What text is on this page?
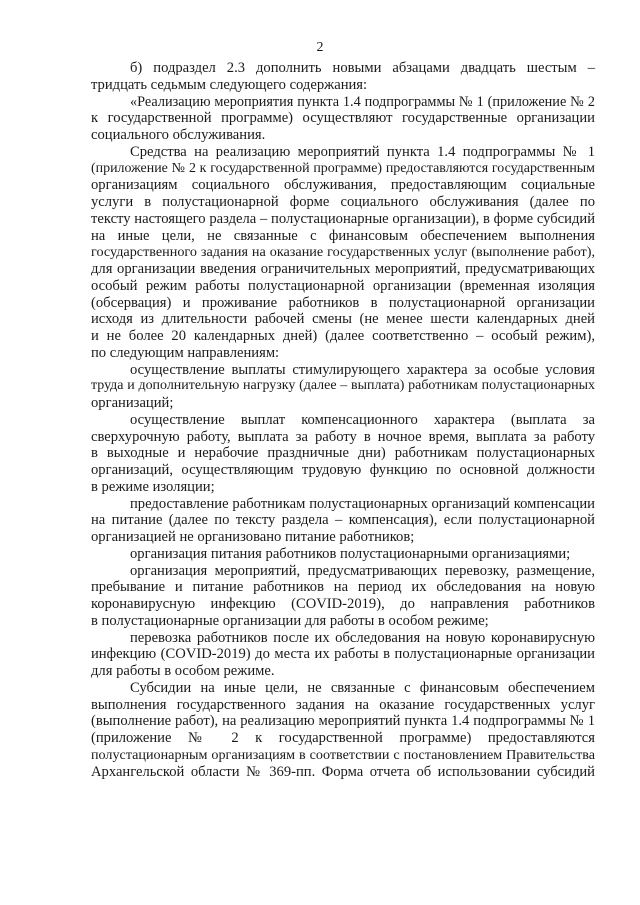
2
б) подраздел 2.3 дополнить новыми абзацами двадцать шестым –
тридцать седьмым следующего содержания:
«Реализацию мероприятия пункта 1.4 подпрограммы № 1 (приложение № 2
к государственной программе) осуществляют государственные организации
социального обслуживания.
Средства на реализацию мероприятий пункта 1.4 подпрограммы № 1
(приложение № 2 к государственной программе) предоставляются государственным
организациям социального обслуживания, предоставляющим социальные
услуги в полустационарной форме социального обслуживания (далее по
тексту настоящего раздела – полустационарные организации), в форме субсидий
на иные цели, не связанные с финансовым обеспечением выполнения
государственного задания на оказание государственных услуг (выполнение работ),
для организации введения ограничительных мероприятий, предусматривающих
особый режим работы полустационарной организации (временная изоляция
(обсервация) и проживание работников в полустационарной организации
исходя из длительности рабочей смены (не менее шести календарных дней
и не более 20 календарных дней) (далее соответственно – особый режим),
по следующим направлениям:
осуществление выплаты стимулирующего характера за особые условия
труда и дополнительную нагрузку (далее – выплата) работникам полустационарных
организаций;
осуществление выплат компенсационного характера (выплата за
сверхурочную работу, выплата за работу в ночное время, выплата за работу
в выходные и нерабочие праздничные дни) работникам полустационарных
организаций, осуществляющим трудовую функцию по основной должности
в режиме изоляции;
предоставление работникам полустационарных организаций компенсации
на питание (далее по тексту раздела – компенсация), если полустационарной
организацией не организовано питание работников;
организация питания работников полустационарными организациями;
организация мероприятий, предусматривающих перевозку, размещение,
пребывание и питание работников на период их обследования на новую
коронавирусную инфекцию (COVID-2019), до направления работников
в полустационарные организации для работы в особом режиме;
перевозка работников после их обследования на новую коронавирусную
инфекцию (COVID-2019) до места их работы в полустационарные организации
для работы в особом режиме.
Субсидии на иные цели, не связанные с финансовым обеспечением
выполнения государственного задания на оказание государственных услуг
(выполнение работ), на реализацию мероприятий пункта 1.4 подпрограммы № 1
(приложение № 2 к государственной программе) предоставляются
полустационарным организациям в соответствии с постановлением Правительства
Архангельской области № 369-пп. Форма отчета об использовании субсидий
